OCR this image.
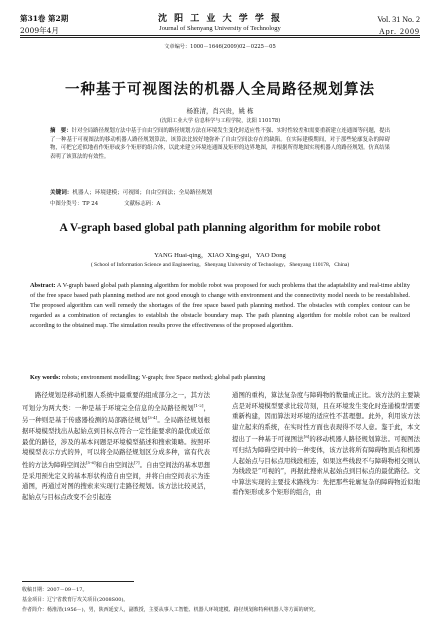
第31卷 第2期	沈 阳 工 业 大 学 学 报	Vol. 31 No. 2
2009年4月	Journal of Shenyang University of Technology	Apr. 2009
文章编号：1000－1646(2009)02－0225－05
一种基于可视图法的机器人全局路径规划算法
杨淮清，肖兴贵，姚 栋
(沈阳工业大学 信息科学与工程学院，沈阳 110178)
摘　要：针对全局路径规划方法中基于自由空间的路径规划方法在环境发生变化时适应性不强、实时性较差和需要重新建立连通图等问题，提出了一种基于可视图法的移动机器人路径规划算法，该算法比较好地弥补了自由空间法存在的缺陷。在实际建模期间，对于那些轮廓复杂的障碍物，可把它近似地看作矩形或多个矩形的组合体，以此来建立环境连通图及矩形的边界地图，并根据所得地图实现机器人的路径规划。仿真结果表明了该算法的有效性。
关键词：机器人；环境建模；可视图；自由空间法；全局路径规划
中图分类号：TP 24	文献标志码：A
A V-graph based global path planning algorithm for mobile robot
YANG Huai-qing，XIAO Xing-gui，YAO Dong
( School of Information Science and Engineering，Shenyang University of Technology，Shenyang 110178，China)
Abstract: A V-graph based global path planning algorithm for mobile robot was proposed for such problems that the adaptability and real-time ability of the free space based path planning method are not good enough to change with environment and the connectivity model needs to be reestablished. The proposed algorithm can well remedy the shortages of the free space based path planning method. The obstacles with complex contour can be regarded as a combination of rectangles to establish the obstacle boundary map. The path planning algorithm for mobile robot can be realized according to the obtained map. The simulation results prove the effectiveness of the proposed algorithm.
Key words: robots; environment modelling; V-graph; free Space method; global path planning
路径规划是移动机器人系统中最重要的组成部分之一，其方法可划分为两大类：一种是基于环境完全信息的全局路径规划[1-2]，另一种则是基于传感器检测的局部路径规划[3-4]。全局路径规划根据环境模型找出从起始点到目标点符合一定性能要求的最优或近似最优的路径，涉及的基本问题是环境模型描述和搜索策略。按照环境模型表示方式的异，可以将全局路径规划区分成多种，富有代表性的方法为障碍空间法[5-6]和自由空间法[7]。自由空间法的基本思想是采用预先定义的基本形状构造自由空间，并将自由空间表示为连通图，再通过对图的搜索来实现行走路径规划。该方法比较灵活，起始点与目标点改变不会引起连
通图的重构，算法复杂度与障碍物的数量成正比。该方法的主要缺点是对环境模型要求比较苛刻，且在环境发生变化时连通模型需要重新构建，因而算法对环境的适应性不甚理想。此外，利用该方法建立起来的系统，在实时性方面也表现得不尽人意。鉴于此，本文提出了一种基于可视图法[8]的移动机器人路径规划算法。可视图法可归结为障碍空间中的一种变体，该方法将所有障碍物顶点和机器人起始点与目标点用线段相连，如果这些线段不与障碍物相交则认为线段是“可视的”，再据此搜索从起始点到目标点的最优路径。文中算法实现的主要技术路线为：先把那些轮廓复杂的障碍物近似地看作矩形或多个矩形的组合，由
收稿日期：2007－09－17。
基金项目：辽宁省教育厅攻关项目(2008S00)。
作者简介：杨淮清(1956－)，男，陕西延安人，副教授，主要从事人工智能、机器人环境建模、路径规划和特种机器人等方面的研究。
